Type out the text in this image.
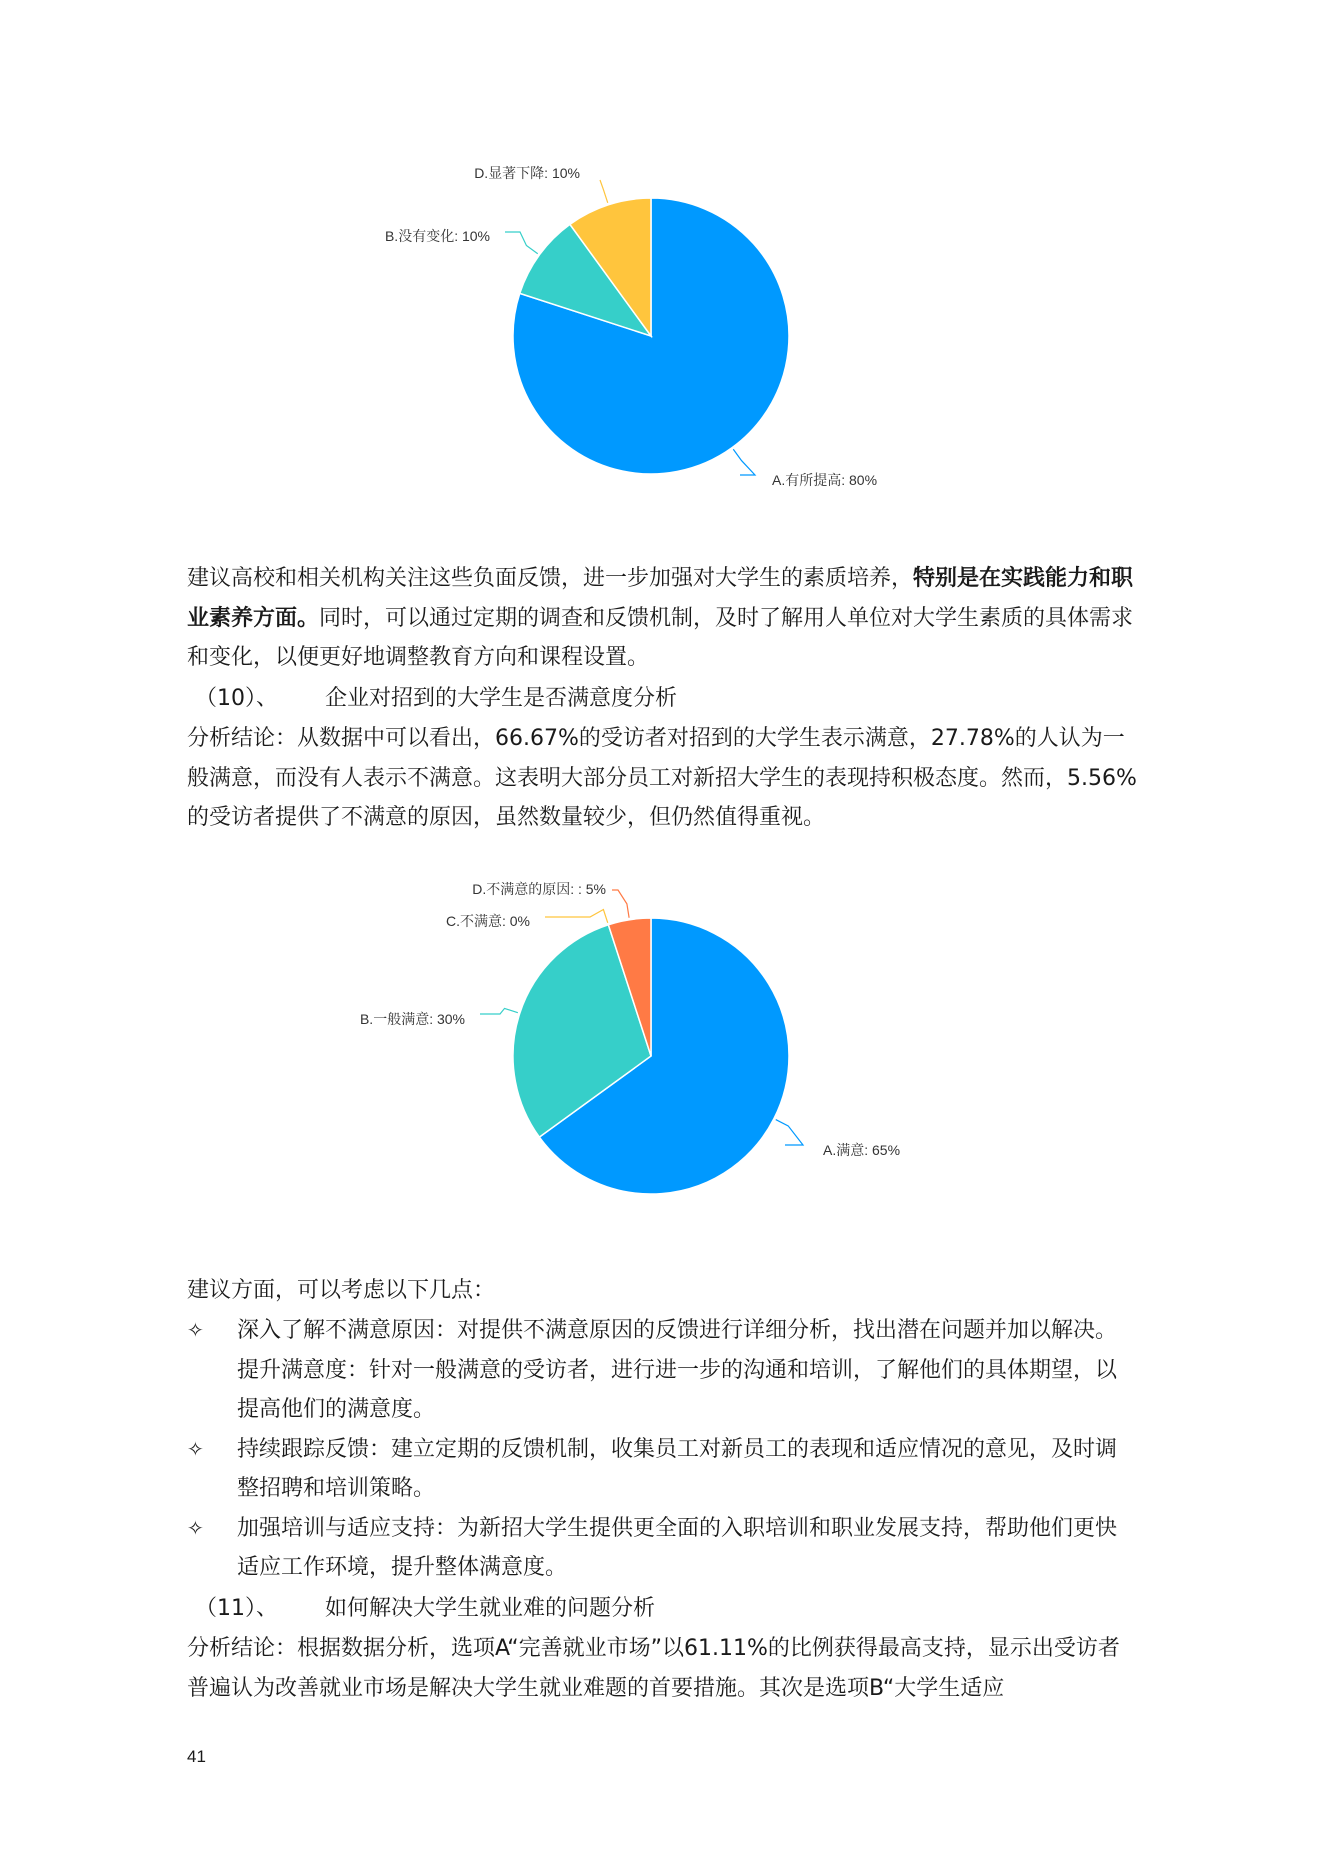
A.有所提高: 80%
B.没有变化: 10%
D.显著下降: 10%

建议高校和相关机构关注这些负面反馈，进一步加强对大学生的素质培养，特别是在实践能力和职业素养方面。同时，可以通过定期的调查和反馈机制，及时了解用人单位对大学生素质的具体需求和变化，以便更好地调整教育方向和课程设置。

（10）、 企业对招到的大学生是否满意度分析

分析结论：从数据中可以看出，66.67%的受访者对招到的大学生表示满意，27.78%的人认为一般满意，而没有人表示不满意。这表明大部分员工对新招大学生的表现持积极态度。然而，5.56%的受访者提供了不满意的原因，虽然数量较少，但仍然值得重视。

A.满意: 65%
B.一般满意: 30%
C.不满意: 0%
D.不满意的原因: : 5%

建议方面，可以考虑以下几点：

✧ 深入了解不满意原因：对提供不满意原因的反馈进行详细分析，找出潜在问题并加以解决。提升满意度：针对一般满意的受访者，进行进一步的沟通和培训，了解他们的具体期望，以提高他们的满意度。
✧ 持续跟踪反馈：建立定期的反馈机制，收集员工对新员工的表现和适应情况的意见，及时调整招聘和培训策略。
✧ 加强培训与适应支持：为新招大学生提供更全面的入职培训和职业发展支持，帮助他们更快适应工作环境，提升整体满意度。

（11）、 如何解决大学生就业难的问题分析

分析结论：根据数据分析，选项A“完善就业市场”以61.11%的比例获得最高支持，显示出受访者普遍认为改善就业市场是解决大学生就业难题的首要措施。其次是选项B“大学生适应

41
